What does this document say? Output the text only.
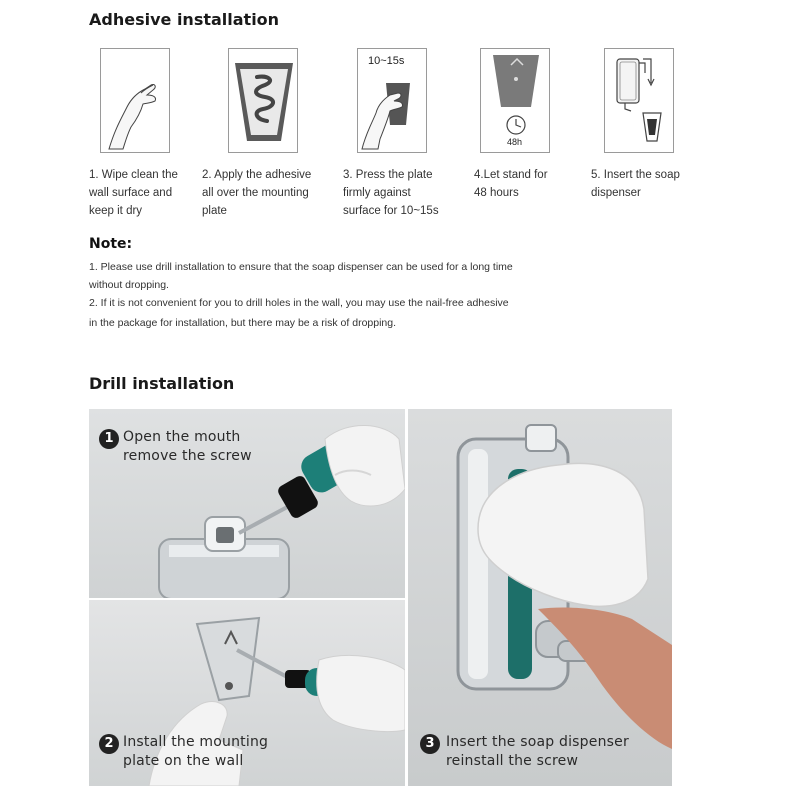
Adhesive installation
1. Wipe clean the
wall surface and
keep it dry
2. Apply the adhesive
all over the mounting
plate
10~15s
3. Press the plate
firmly against
surface for 10~15s
48h
4.Let stand for
48 hours
5. Insert the soap
dispenser
Note:
1. Please use drill installation to ensure that the soap dispenser can be used for a long time
without dropping.
2. If it is not convenient for you to drill holes in the wall, you may use the nail-free adhesive
in the package for installation, but there may be a risk of dropping.
Drill installation
1 Open the mouth
remove the screw
2 Install the mounting
plate on the wall
3 Insert the soap dispenser
reinstall the screw
